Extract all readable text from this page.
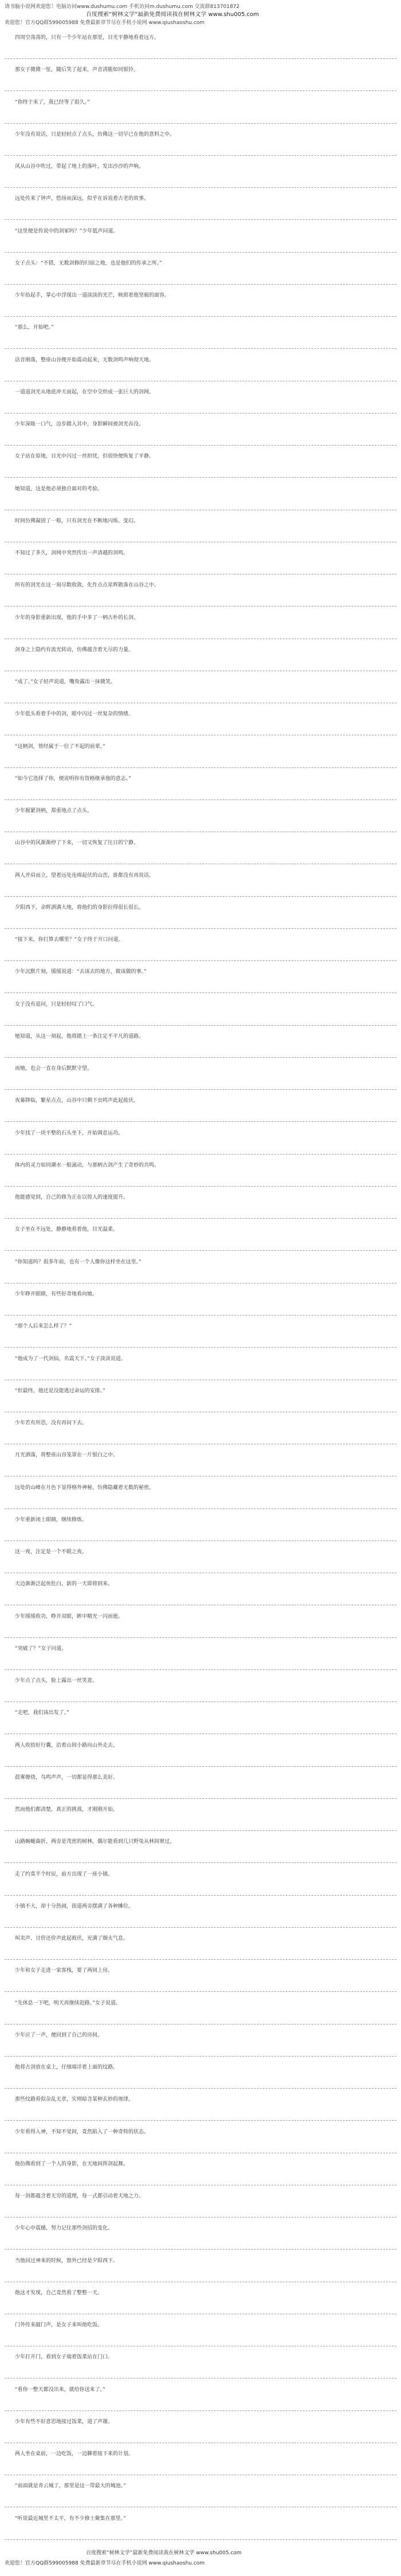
请书脑小说网欢迎您！电脑访问www.dushumu.com 手机访问m.dushumu.com 交流群813701872
百度搜索“树林文学”最新免费阅读我在树林文学 www.shu005.com
欢迎您！官方QQ群599005988 免费最新章节尽在手机小说网 www.qiushaoshu.com
四周空荡荡的，只有一个少年站在那里，目光平静地看着远方。
那女子微微一怔，随后笑了起来，声音清脆如同银铃。
“你终于来了，我已经等了很久。”
少年没有说话，只是轻轻点了点头，仿佛这一切早已在他的意料之中。
风从山谷中吹过，带起了地上的落叶，发出沙沙的声响。
远处传来了钟声，悠扬而深远，似乎在诉说着古老的故事。
“这里便是传说中的剑冢吗？”少年低声问道。
女子点头：“不错，无数剑修的归宿之地，也是他们的传承之所。”
少年抬起手，掌心中浮现出一道淡淡的光芒，映照着他坚毅的面容。
“那么，开始吧。”
话音刚落，整座山谷便开始震动起来，无数剑鸣声响彻天地。
一道道剑光从地底冲天而起，在空中交织成一张巨大的剑网。
少年深吸一口气，迈步踏入其中，身影瞬间被剑光吞没。
女子站在原地，目光中闪过一丝担忧，但很快便恢复了平静。
她知道，这是他必须独自面对的考验。
时间仿佛凝固了一般，只有剑光在不断地闪烁、变幻。
不知过了多久，剑网中突然传出一声清越的剑鸣。
所有的剑光在这一刻尽数收敛，化作点点星辉散落在山谷之中。
少年的身影重新出现，他的手中多了一柄古朴的长剑。
剑身之上隐约有流光转动，仿佛蕴含着无尽的力量。
“成了。”女子轻声说道，嘴角露出一抹微笑。
少年低头看着手中的剑，眼中闪过一丝复杂的情绪。
“这柄剑，曾经属于一位了不起的前辈。”
“如今它选择了你，便说明你有资格继承他的意志。”
少年握紧剑柄，郑重地点了点头。
山谷中的风渐渐停了下来，一切又恢复了往日的宁静。
两人并肩而立，望着远处连绵起伏的山峦，谁都没有再说话。
夕阳西下，余晖洒满大地，将他们的身影拉得很长很长。
“接下来，你打算去哪里？”女子终于开口问道。
少年沉默片刻，缓缓说道：“去该去的地方，做该做的事。”
女子没有追问，只是轻轻叹了口气。
她知道，从这一刻起，他将踏上一条注定不平凡的道路。
而她，也会一直在身后默默守望。
夜幕降临，繁星点点，山谷中只剩下虫鸣声此起彼伏。
少年找了一块平整的石头坐下，开始调息运功。
体内的灵力如同潮水一般涌动，与那柄古剑产生了奇妙的共鸣。
他能感觉到，自己的修为正在以惊人的速度提升。
女子坐在不远处，静静地看着他，目光温柔。
“你知道吗？很多年前，也有一个人像你这样坐在这里。”
少年睁开眼睛，有些好奇地看向她。
“那个人后来怎么样了？”
“他成为了一代剑仙，名震天下。”女子淡淡说道。
“但最终，他还是没能逃过命运的安排。”
少年若有所思，没有再问下去。
月光洒落，将整座山谷笼罩在一片银白之中。
远处的山峰在月色下显得格外神秘，仿佛隐藏着无数的秘密。
少年重新闭上眼睛，继续修炼。
这一夜，注定是一个不眠之夜。
天边渐渐泛起鱼肚白，新的一天即将到来。
少年缓缓收功，睁开双眼，眸中精光一闪而逝。
“突破了？”女子问道。
少年点了点头，脸上露出一丝笑意。
“走吧，我们该出发了。”
两人收拾好行囊，沿着山间小路向山外走去。
晨雾缭绕，鸟鸣声声，一切都显得那么美好。
然而他们都清楚，真正的挑战，才刚刚开始。
山路蜿蜒曲折，两旁是茂密的树林，偶尔能看到几只野兔从林间窜过。
走了约莫半个时辰，前方出现了一座小镇。
小镇不大，却十分热闹，街道两旁摆满了各种摊位。
叫卖声、讨价还价声此起彼伏，充满了烟火气息。
少年和女子走进一家客栈，要了两间上房。
“先休息一下吧，明天再继续赶路。”女子说道。
少年应了一声，便回到了自己的房间。
他将古剑放在桌上，仔细端详着上面的纹路。
那些纹路看似杂乱无章，实则暗含某种玄妙的规律。
少年看得入神，不知不觉间，竟然陷入了一种奇特的状态。
他仿佛看到了一个人的身影，在天地间挥剑起舞。
每一剑都蕴含着无穷的道理，每一式都引动着天地之力。
少年心中震撼，努力记住那些剑招的变化。
当他回过神来的时候，窗外已经是夕阳西下。
他这才发现，自己竟然看了整整一天。
门外传来敲门声，是女子来叫他吃饭。
少年打开门，看到女子端着饭菜站在门口。
“看你一整天都没出来，就给你送来了。”
少年有些不好意思地接过饭菜，道了声谢。
两人坐在桌前，一边吃饭，一边聊着接下来的计划。
“前面就是青云城了，那里是这一带最大的城池。”
“听说最近城里不太平，有不少修士聚集在那里。”
百度搜索“树林文学”最新免费阅读我在树林文学 www.shu005.com
欢迎您！官方QQ群599005988 免费最新章节尽在手机小说网 www.qiushaoshu.com
